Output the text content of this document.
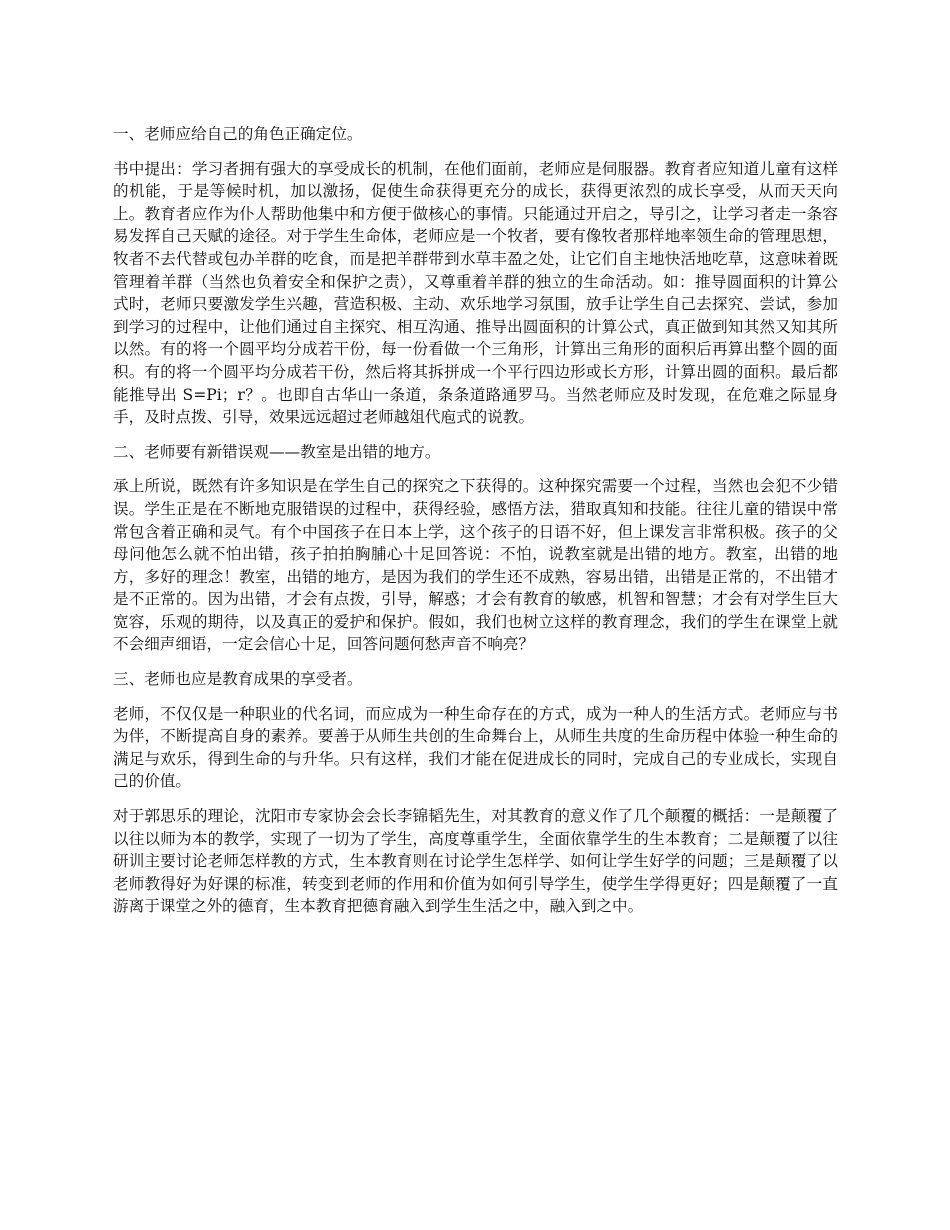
一、老师应给自己的角色正确定位。

书中提出：学习者拥有强大的享受成长的机制，在他们面前，老师应是伺服器。教育者应知道儿童有这样的机能，于是等候时机，加以激扬，促使生命获得更充分的成长，获得更浓烈的成长享受，从而天天向上。教育者应作为仆人帮助他集中和方便于做核心的事情。只能通过开启之，导引之，让学习者走一条容易发挥自己天赋的途径。对于学生生命体，老师应是一个牧者，要有像牧者那样地率领生命的管理思想，牧者不去代替或包办羊群的吃食，而是把羊群带到水草丰盈之处，让它们自主地快活地吃草，这意味着既管理着羊群（当然也负着安全和保护之责），又尊重着羊群的独立的生命活动。如：推导圆面积的计算公式时，老师只要激发学生兴趣，营造积极、主动、欢乐地学习氛围，放手让学生自己去探究、尝试，参加到学习的过程中，让他们通过自主探究、相互沟通、推导出圆面积的计算公式，真正做到知其然又知其所以然。有的将一个圆平均分成若干份，每一份看做一个三角形，计算出三角形的面积后再算出整个圆的面积。有的将一个圆平均分成若干份，然后将其拆拼成一个平行四边形或长方形，计算出圆的面积。最后都能推导出 S=Pi；r？。也即自古华山一条道，条条道路通罗马。当然老师应及时发现，在危难之际显身手，及时点拨、引导，效果远远超过老师越俎代庖式的说教。

二、老师要有新错误观——教室是出错的地方。

承上所说，既然有许多知识是在学生自己的探究之下获得的。这种探究需要一个过程，当然也会犯不少错误。学生正是在不断地克服错误的过程中，获得经验，感悟方法，猎取真知和技能。往往儿童的错误中常常包含着正确和灵气。有个中国孩子在日本上学，这个孩子的日语不好，但上课发言非常积极。孩子的父母问他怎么就不怕出错，孩子拍拍胸脯心十足回答说：不怕，说教室就是出错的地方。教室，出错的地方，多好的理念！教室，出错的地方，是因为我们的学生还不成熟，容易出错，出错是正常的，不出错才是不正常的。因为出错，才会有点拨，引导，解惑；才会有教育的敏感，机智和智慧；才会有对学生巨大宽容，乐观的期待，以及真正的爱护和保护。假如，我们也树立这样的教育理念，我们的学生在课堂上就不会细声细语，一定会信心十足，回答问题何愁声音不响亮？

三、老师也应是教育成果的享受者。

老师，不仅仅是一种职业的代名词，而应成为一种生命存在的方式，成为一种人的生活方式。老师应与书为伴，不断提高自身的素养。要善于从师生共创的生命舞台上，从师生共度的生命历程中体验一种生命的满足与欢乐，得到生命的与升华。只有这样，我们才能在促进成长的同时，完成自己的专业成长，实现自己的价值。

对于郭思乐的理论，沈阳市专家协会会长李锦韬先生，对其教育的意义作了几个颠覆的概括：一是颠覆了以往以师为本的教学，实现了一切为了学生，高度尊重学生，全面依靠学生的生本教育；二是颠覆了以往研训主要讨论老师怎样教的方式，生本教育则在讨论学生怎样学、如何让学生好学的问题；三是颠覆了以老师教得好为好课的标准，转变到老师的作用和价值为如何引导学生，使学生学得更好；四是颠覆了一直游离于课堂之外的德育，生本教育把德育融入到学生生活之中，融入到之中。
